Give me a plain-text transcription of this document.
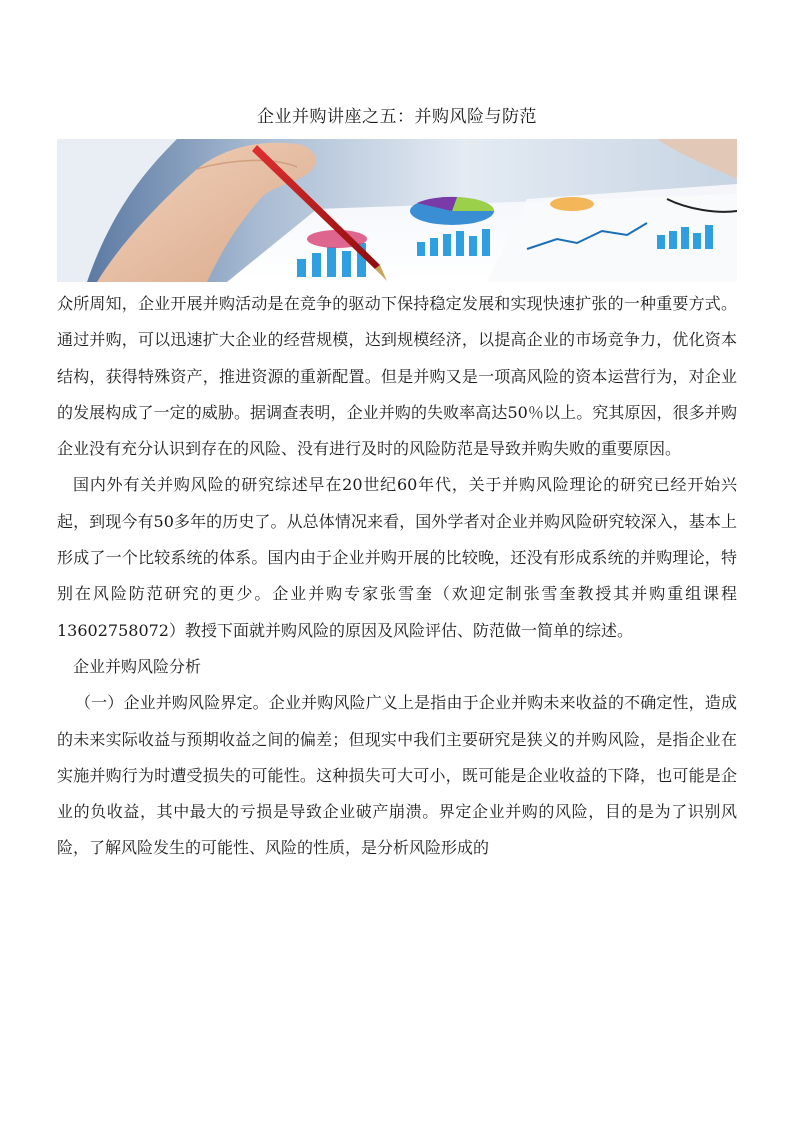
企业并购讲座之五：并购风险与防范

众所周知，企业开展并购活动是在竞争的驱动下保持稳定发展和实现快速扩张的一种重要方式。通过并购，可以迅速扩大企业的经营规模，达到规模经济，以提高企业的市场竞争力，优化资本结构，获得特殊资产，推进资源的重新配置。但是并购又是一项高风险的资本运营行为，对企业的发展构成了一定的威胁。据调查表明，企业并购的失败率高达50％以上。究其原因，很多并购企业没有充分认识到存在的风险、没有进行及时的风险防范是导致并购失败的重要原因。

国内外有关并购风险的研究综述早在20世纪60年代，关于并购风险理论的研究已经开始兴起，到现今有50多年的历史了。从总体情况来看，国外学者对企业并购风险研究较深入，基本上形成了一个比较系统的体系。国内由于企业并购开展的比较晚，还没有形成系统的并购理论，特别在风险防范研究的更少。企业并购专家张雪奎（欢迎定制张雪奎教授其并购重组课程13602758072）教授下面就并购风险的原因及风险评估、防范做一简单的综述。

企业并购风险分析

（一）企业并购风险界定。企业并购风险广义上是指由于企业并购未来收益的不确定性，造成的未来实际收益与预期收益之间的偏差；但现实中我们主要研究是狭义的并购风险，是指企业在实施并购行为时遭受损失的可能性。这种损失可大可小，既可能是企业收益的下降，也可能是企业的负收益，其中最大的亏损是导致企业破产崩溃。界定企业并购的风险，目的是为了识别风险，了解风险发生的可能性、风险的性质，是分析风险形成的
